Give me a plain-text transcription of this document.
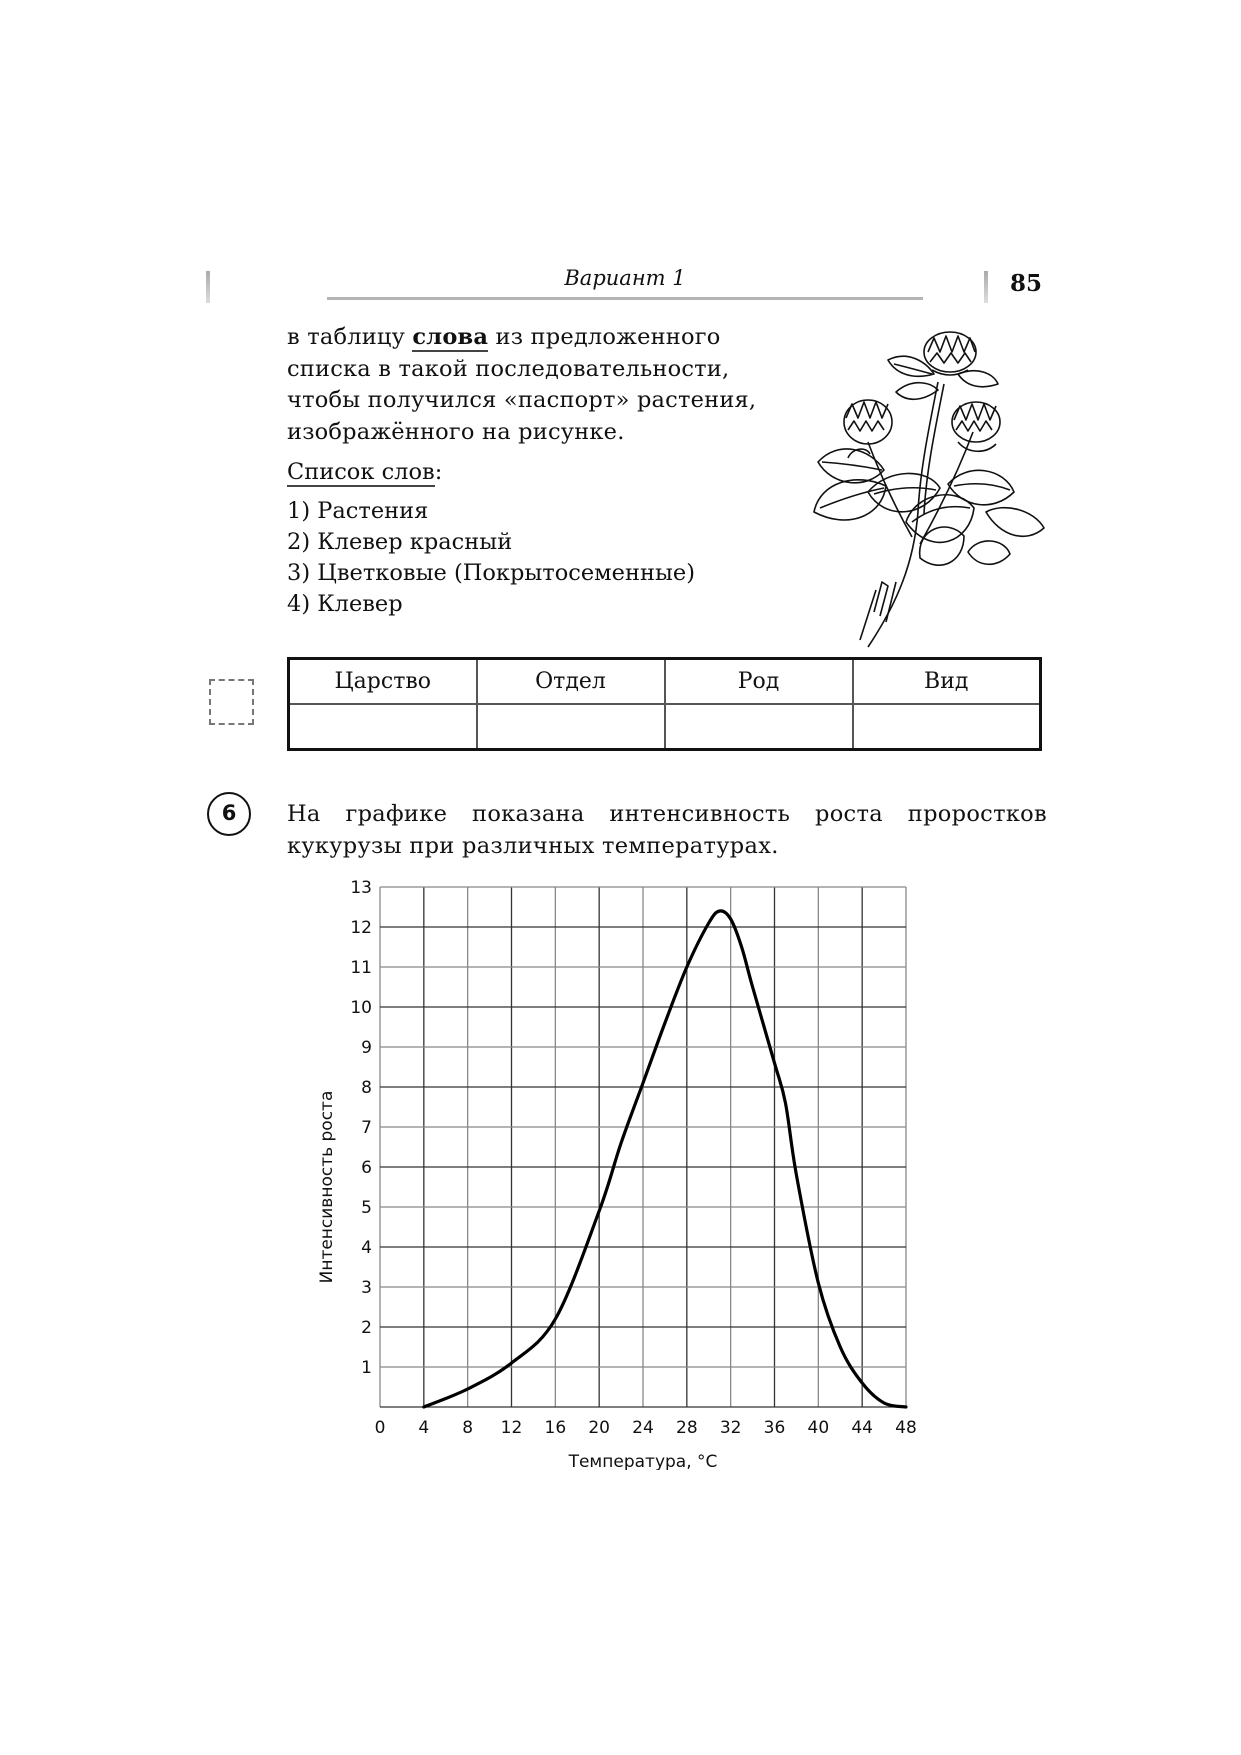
Вариант 1	85
в таблицу слова из предложенного списка в такой последовательности, чтобы получился «паспорт» растения, изображённого на рисунке.
Список слов:
1) Растения
2) Клевер красный
3) Цветковые (Покрытосеменные)
4) Клевер
Царство	Отдел	Род	Вид

6	На графике показана интенсивность роста проростков кукурузы при различных температурах.
1
2
3
4
5
6
7
8
9
10
11
12
13
0 4 8 12 16 20 24 28 32 36 40 44 48
Интенсивность роста
Температура, °C
